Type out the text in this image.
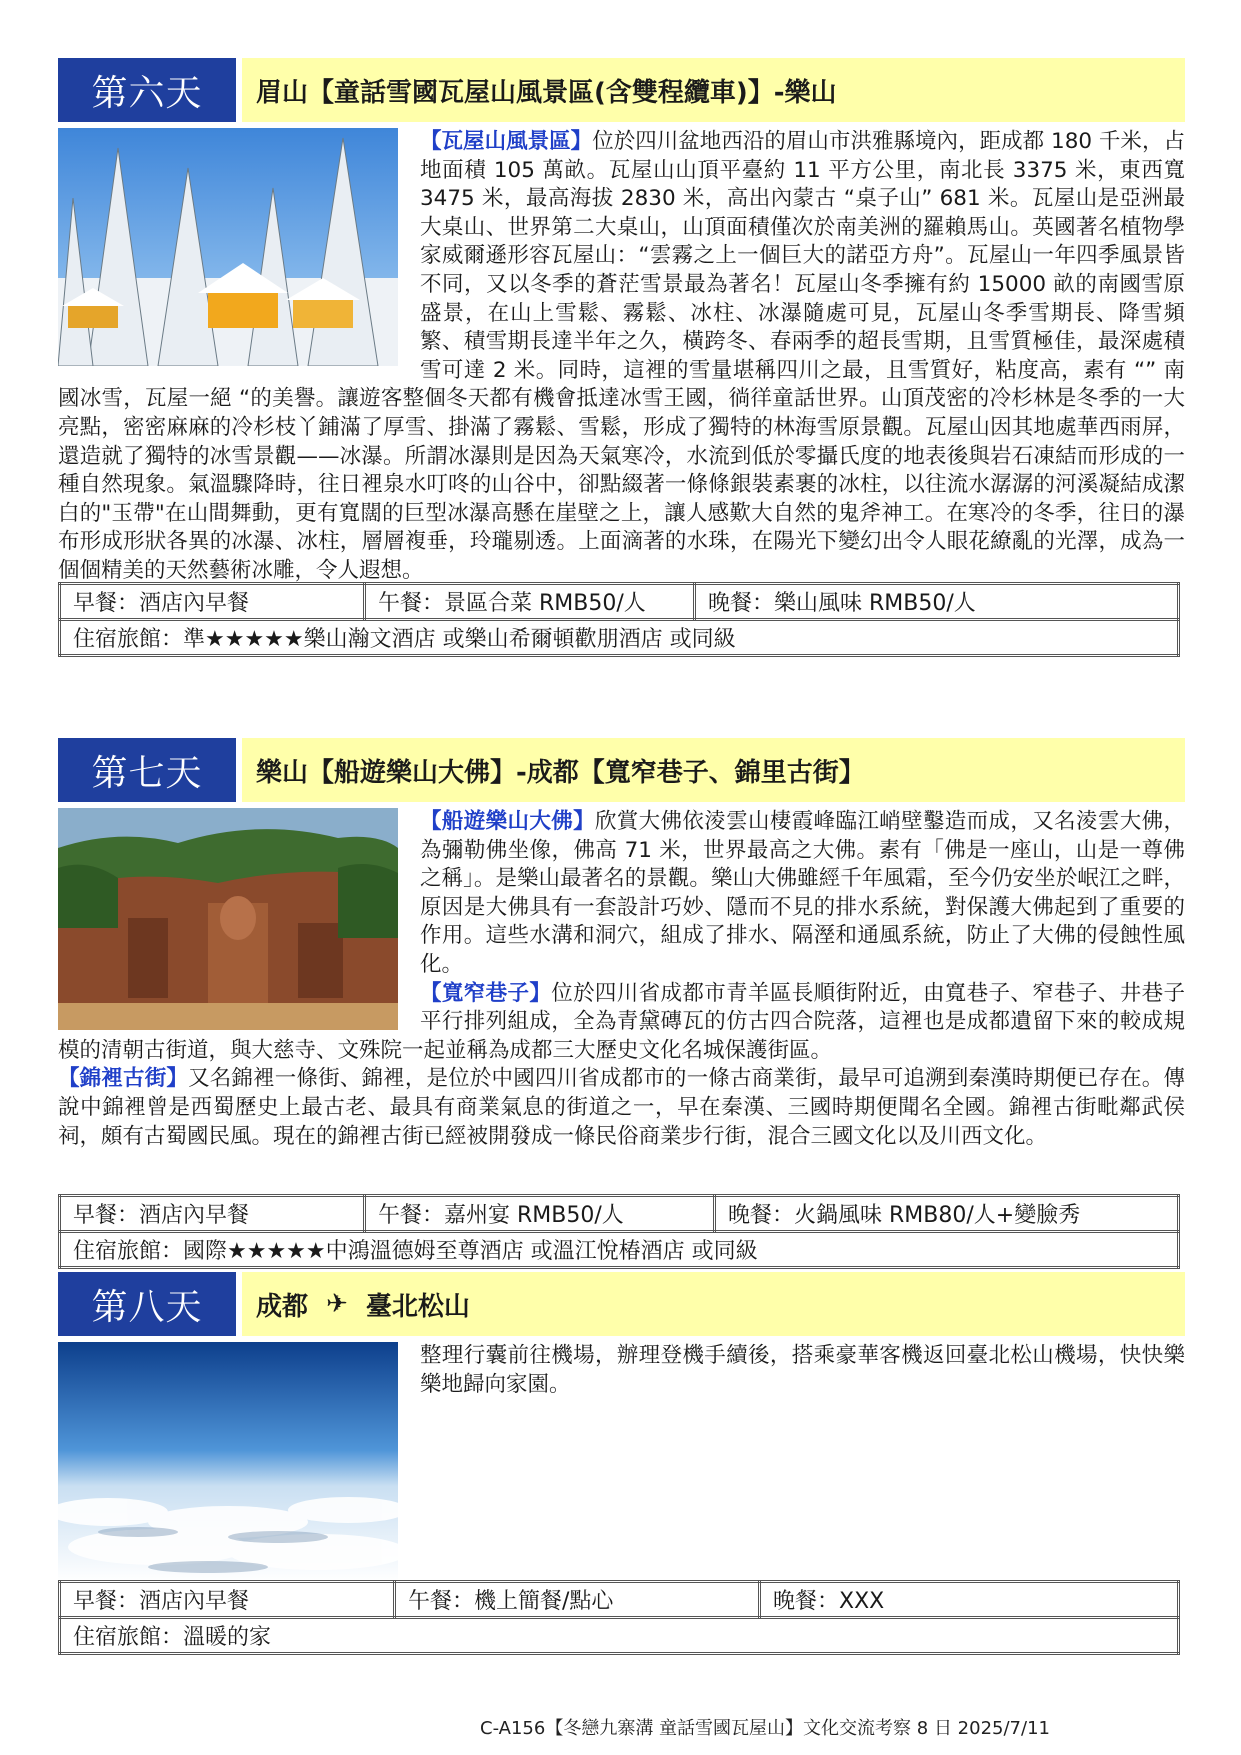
第六天	眉山【童話雪國瓦屋山風景區(含雙程纜車)】-樂山

【瓦屋山風景區】位於四川盆地西沿的眉山市洪雅縣境內，距成都 180 千米，占地面積 105 萬畝。瓦屋山山頂平臺約 11 平方公里，南北長 3375 米，東西寬 3475 米，最高海拔 2830 米，高出內蒙古 “桌子山” 681 米。瓦屋山是亞洲最大桌山、世界第二大桌山，山頂面積僅次於南美洲的羅賴馬山。英國著名植物學家威爾遜形容瓦屋山：“雲霧之上一個巨大的諾亞方舟”。瓦屋山一年四季風景皆不同，又以冬季的蒼茫雪景最為著名！瓦屋山冬季擁有約 15000 畝的南國雪原盛景，在山上雪鬆、霧鬆、冰柱、冰瀑隨處可見，瓦屋山冬季雪期長、降雪頻繁、積雪期長達半年之久，橫跨冬、春兩季的超長雪期，且雪質極佳，最深處積雪可達 2 米。同時，這裡的雪量堪稱四川之最，且雪質好，粘度高，素有 “” 南國冰雪，瓦屋一絕 “的美譽。讓遊客整個冬天都有機會抵達冰雪王國，徜徉童話世界。山頂茂密的冷杉林是冬季的一大亮點，密密麻麻的冷杉枝丫鋪滿了厚雪、掛滿了霧鬆、雪鬆，形成了獨特的林海雪原景觀。瓦屋山因其地處華西雨屏，還造就了獨特的冰雪景觀——冰瀑。所謂冰瀑則是因為天氣寒冷，水流到低於零攝氏度的地表後與岩石凍結而形成的一種自然現象。氣溫驟降時，往日裡泉水叮咚的山谷中，卻點綴著一條條銀裝素裹的冰柱，以往流水潺潺的河溪凝結成潔白的"玉帶"在山間舞動，更有寬闊的巨型冰瀑高懸在崖壁之上，讓人感歎大自然的鬼斧神工。在寒冷的冬季，往日的瀑布形成形狀各異的冰瀑、冰柱，層層複垂，玲瓏剔透。上面滴著的水珠，在陽光下變幻出令人眼花繚亂的光澤，成為一個個精美的天然藝術冰雕，令人遐想。

早餐：酒店內早餐	午餐：景區合菜 RMB50/人	晚餐：樂山風味 RMB50/人
住宿旅館：準★★★★★樂山瀚文酒店 或樂山希爾頓歡朋酒店 或同級
第七天	樂山【船遊樂山大佛】-成都【寬窄巷子、錦里古街】

【船遊樂山大佛】欣賞大佛依淩雲山棲霞峰臨江峭壁鑿造而成，又名淩雲大佛，為彌勒佛坐像，佛高 71 米，世界最高之大佛。素有「佛是一座山，山是一尊佛之稱」。是樂山最著名的景觀。樂山大佛雖經千年風霜，至今仍安坐於岷江之畔，原因是大佛具有一套設計巧妙、隱而不見的排水系統，對保護大佛起到了重要的作用。這些水溝和洞穴，組成了排水、隔溼和通風系統，防止了大佛的侵蝕性風化。

【寬窄巷子】位於四川省成都市青羊區長順街附近，由寬巷子、窄巷子、井巷子平行排列組成，全為青黛磚瓦的仿古四合院落，這裡也是成都遺留下來的較成規模的清朝古街道，與大慈寺、文殊院一起並稱為成都三大歷史文化名城保護街區。

【錦裡古街】又名錦裡一條街、錦裡，是位於中國四川省成都市的一條古商業街，最早可追溯到秦漢時期便已存在。傳說中錦裡曾是西蜀歷史上最古老、最具有商業氣息的街道之一，早在秦漢、三國時期便聞名全國。錦裡古街毗鄰武侯祠，頗有古蜀國民風。現在的錦裡古街已經被開發成一條民俗商業步行街，混合三國文化以及川西文化。

早餐：酒店內早餐	午餐：嘉州宴 RMB50/人	晚餐：火鍋風味 RMB80/人+變臉秀
住宿旅館：國際★★★★★中鴻溫德姆至尊酒店 或溫江悅椿酒店 或同級
第八天	成都 ✈ 臺北松山

整理行囊前往機場，辦理登機手續後，搭乘豪華客機返回臺北松山機場，快快樂樂地歸向家園。

早餐：酒店內早餐	午餐：機上簡餐/點心	晚餐：XXX
住宿旅館：溫暖的家
C-A156【冬戀九寨溝 童話雪國瓦屋山】文化交流考察 8 日 2025/7/11
